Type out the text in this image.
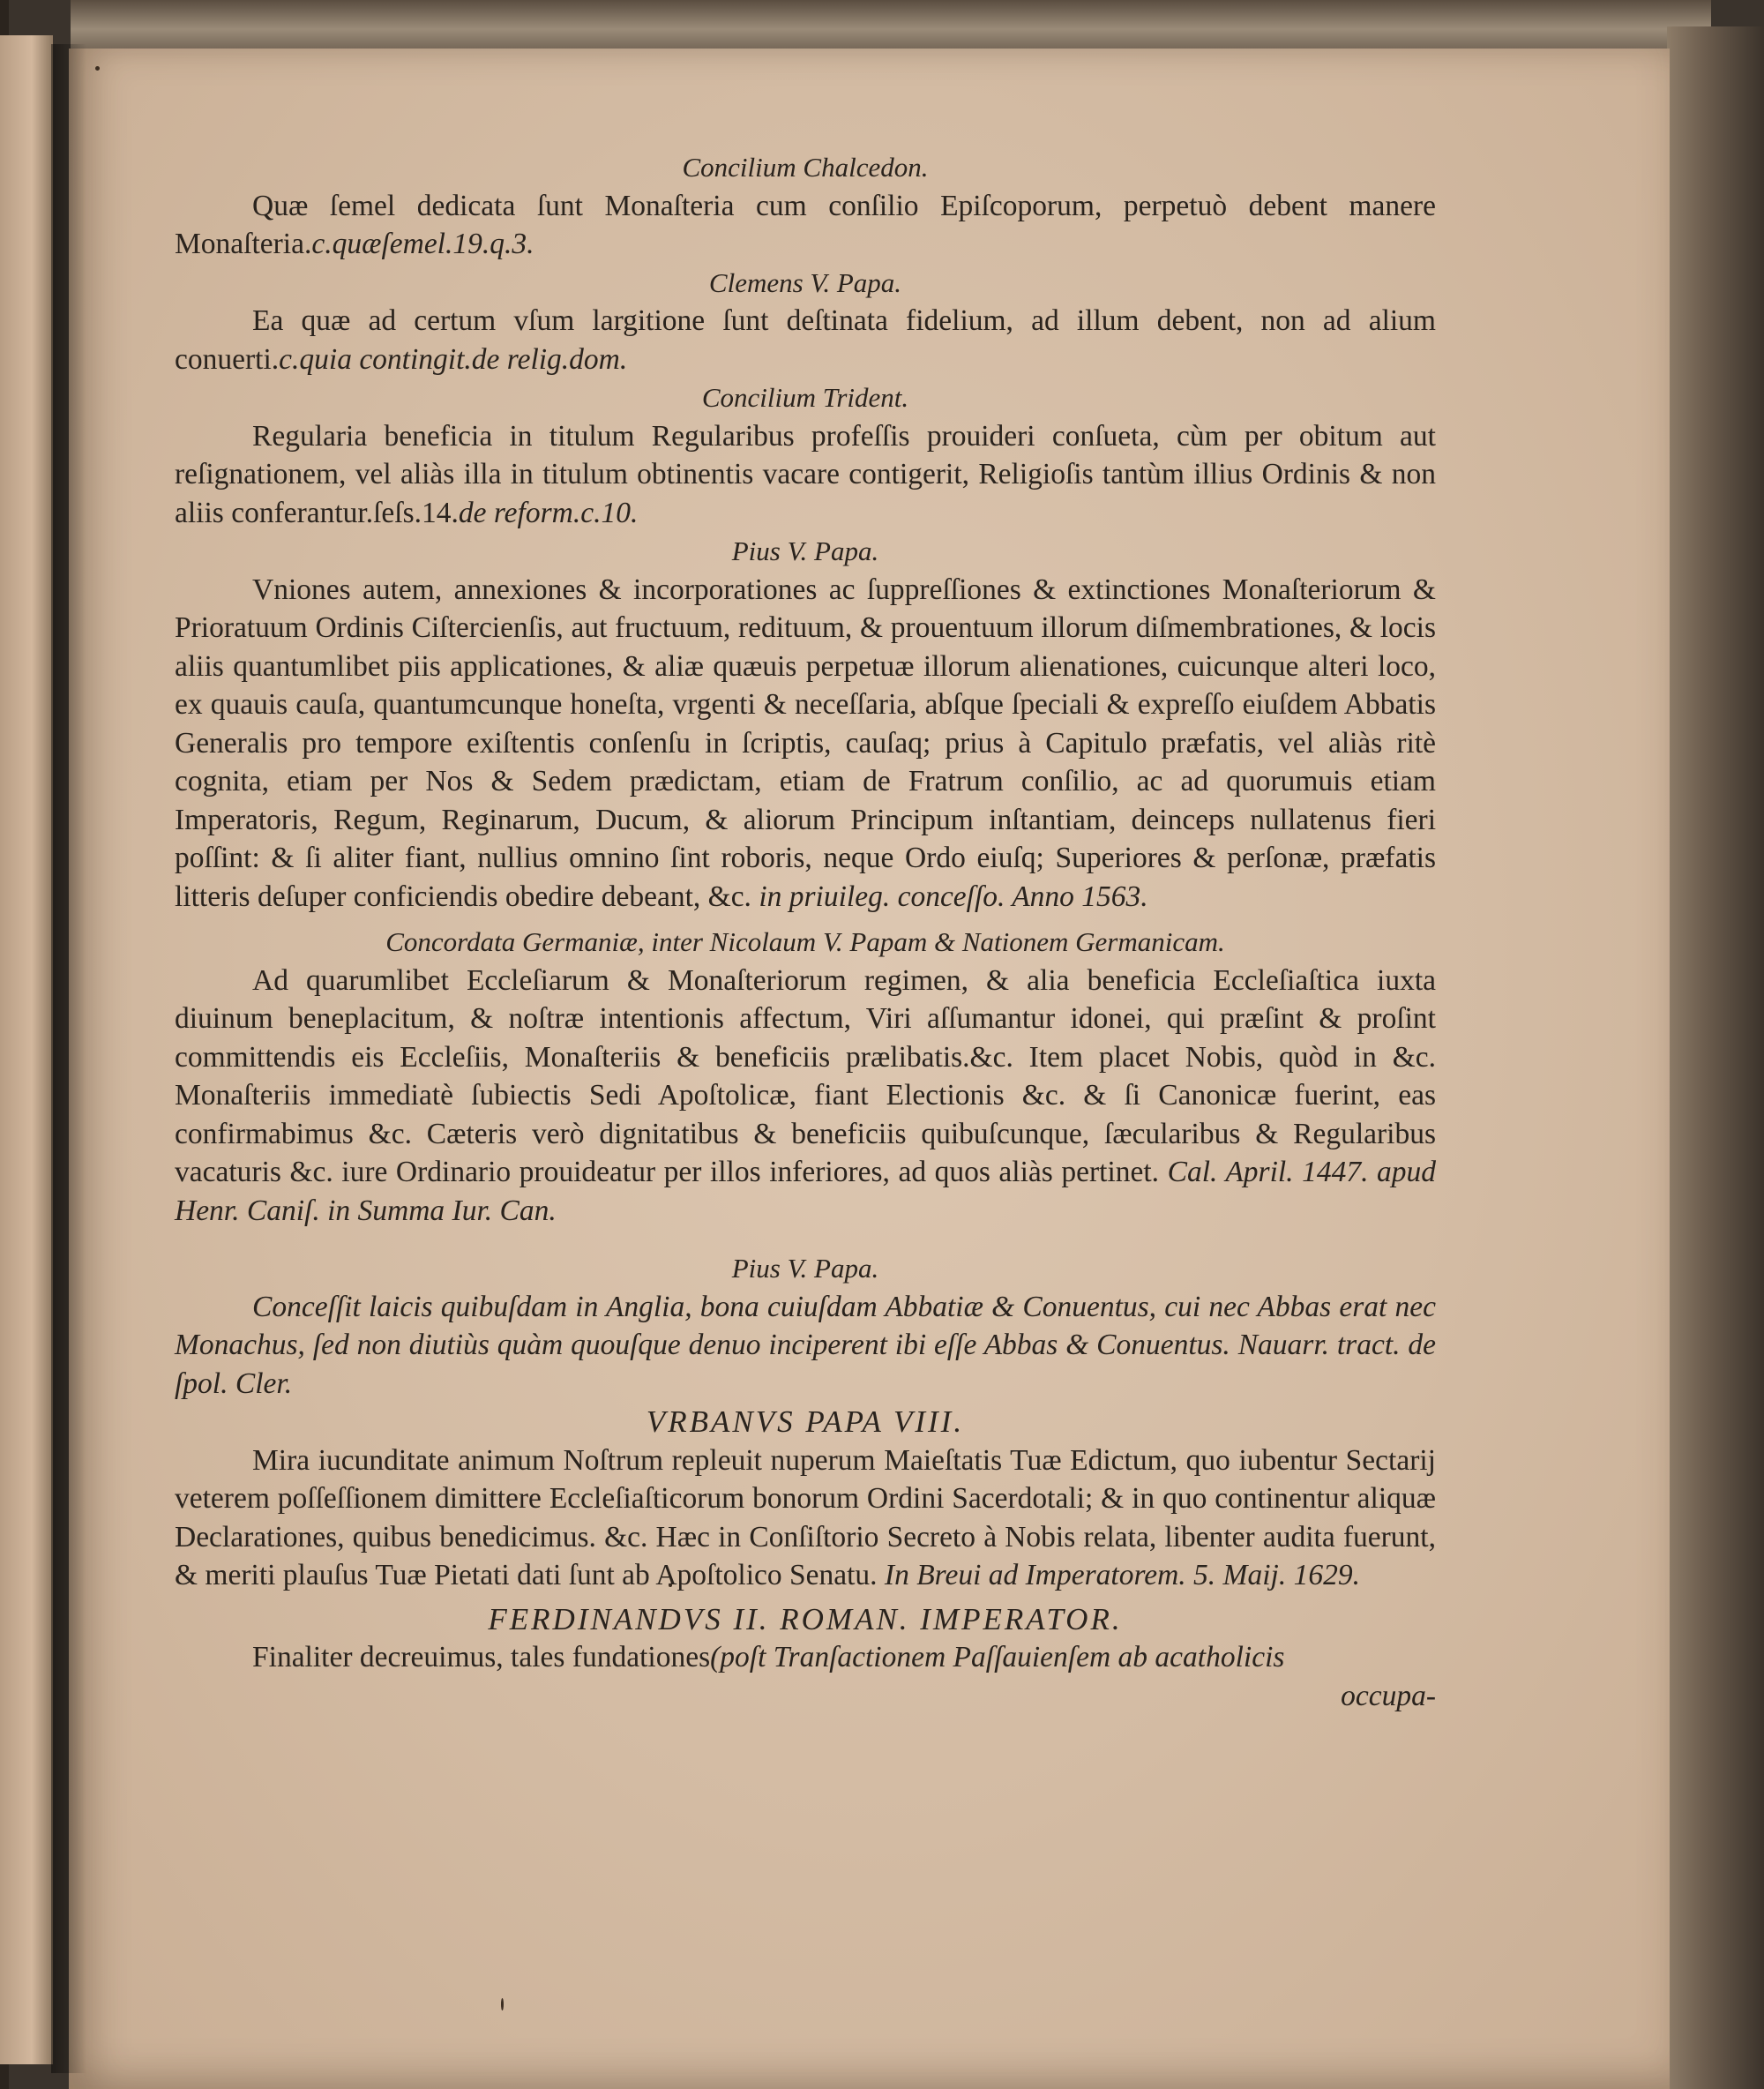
Concilium Chalcedon.

Quæ ſemel dedicata ſunt Monaſteria cum conſilio Epiſcoporum, perpetuò debent manere Monaſteria.c.quæſemel.19.q.3.

Clemens V. Papa.

Ea quæ ad certum vſum largitione ſunt deſtinata fidelium, ad illum debent, non ad alium conuerti.c.quia contingit.de relig.dom.

Concilium Trident.

Regularia beneficia in titulum Regularibus profeſſis prouideri conſueta, cùm per obitum aut reſignationem, vel aliàs illa in titulum obtinentis vacare contigerit, Religioſis tantùm illius Ordinis & non aliis conferantur.ſeſs.14.de reform.c.10.

Pius V. Papa.

Vniones autem, annexiones & incorporationes ac ſuppreſſiones & extinctiones Monaſteriorum & Prioratuum Ordinis Ciſtercienſis, aut fructuum, redituum, & prouentuum illorum diſmembrationes, & locis aliis quantumlibet piis applicationes, & aliæ quæuis perpetuæ illorum alienationes, cuicunque alteri loco, ex quauis cauſa, quantumcunque honeſta, vrgenti & neceſſaria, abſque ſpeciali & expreſſo eiuſdem Abbatis Generalis pro tempore exiſtentis conſenſu in ſcriptis, cauſaq; prius à Capitulo præfatis, vel aliàs ritè cognita, etiam per Nos & Sedem prædictam, etiam de Fratrum conſilio, ac ad quorumuis etiam Imperatoris, Regum, Reginarum, Ducum, & aliorum Principum inſtantiam, deinceps nullatenus fieri poſſint: & ſi aliter fiant, nullius omnino ſint roboris, neque Ordo eiuſq; Superiores & perſonæ, præfatis litteris deſuper conficiendis obedire debeant, &c. in priuileg. conceſſo. Anno 1563.

Concordata Germaniæ, inter Nicolaum V. Papam & Nationem Germanicam.

Ad quarumlibet Eccleſiarum & Monaſteriorum regimen, & alia beneficia Eccleſiaſtica iuxta diuinum beneplacitum, & noſtræ intentionis affectum, Viri aſſumantur idonei, qui præſint & proſint committendis eis Eccleſiis, Monaſteriis & beneficiis prælibatis.&c. Item placet Nobis, quòd in &c. Monaſteriis immediatè ſubiectis Sedi Apoſtolicæ, fiant Electionis &c. & ſi Canonicæ fuerint, eas confirmabimus &c. Cæteris verò dignitatibus & beneficiis quibuſcunque, ſæcularibus & Regularibus vacaturis &c. iure Ordinario prouideatur per illos inferiores, ad quos aliàs pertinet. Cal. April. 1447. apud Henr. Caniſ. in Summa Iur. Can.

Pius V. Papa.

Conceſſit laicis quibuſdam in Anglia, bona cuiuſdam Abbatiæ & Conuentus, cui nec Abbas erat nec Monachus, ſed non diutiùs quàm quouſque denuo inciperent ibi eſſe Abbas & Conuentus. Nauarr. tract. de ſpol. Cler.

VRBANVS PAPA VIII.

Mira iucunditate animum Noſtrum repleuit nuperum Maieſtatis Tuæ Edictum, quo iubentur Sectarij veterem poſſeſſionem dimittere Eccleſiaſticorum bonorum Ordini Sacerdotali; & in quo continentur aliquæ Declarationes, quibus benedicimus. &c. Hæc in Conſiſtorio Secreto à Nobis relata, libenter audita fuerunt, & meriti plauſus Tuæ Pietati dati ſunt ab Apoſtolico Senatu. In Breui ad Imperatorem. 5. Maij. 1629.

FERDINANDVS II. ROMAN. IMPERATOR.

Finaliter decreuimus, tales fundationes(poſt Tranſactionem Paſſauienſem ab acatholicis

occupa-
